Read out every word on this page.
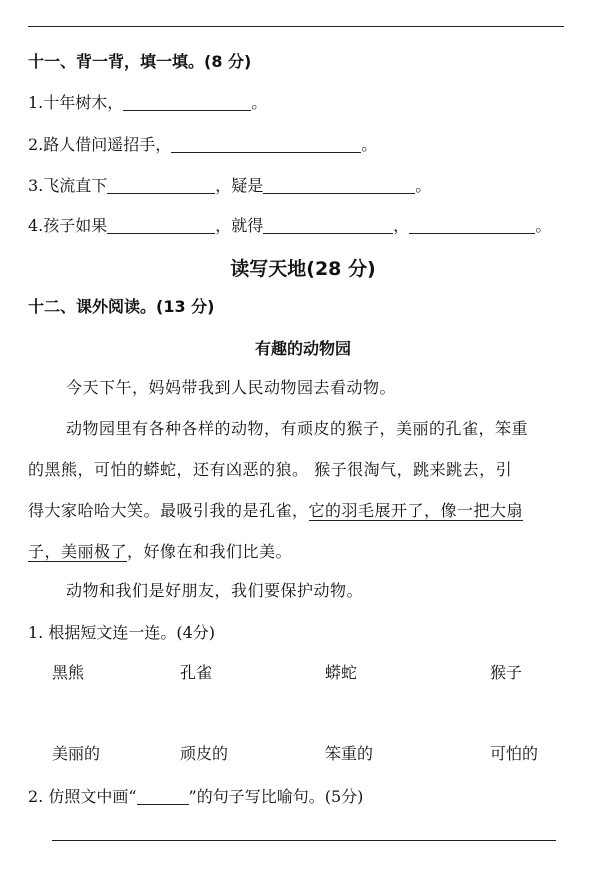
十一、背一背，填一填。(8 分)
1.十年树木，	。
2.路人借问遥招手，	。
3.飞流直下	，疑是	。
4.孩子如果	，就得	，	。
读写天地(28 分)
十二、课外阅读。(13 分)
有趣的动物园
今天下午，妈妈带我到人民动物园去看动物。
动物园里有各种各样的动物，有顽皮的猴子，美丽的孔雀，笨重
的黑熊，可怕的蟒蛇，还有凶恶的狼。 猴子很淘气，跳来跳去，引
得大家哈哈大笑。最吸引我的是孔雀，它的羽毛展开了，像一把大扇
子，美丽极了，好像在和我们比美。
动物和我们是好朋友，我们要保护动物。
1. 根据短文连一连。(4分)
黑熊	孔雀	蟒蛇	猴子
美丽的	顽皮的	笨重的	可怕的
2. 仿照文中画“	”的句子写比喻句。(5分)
